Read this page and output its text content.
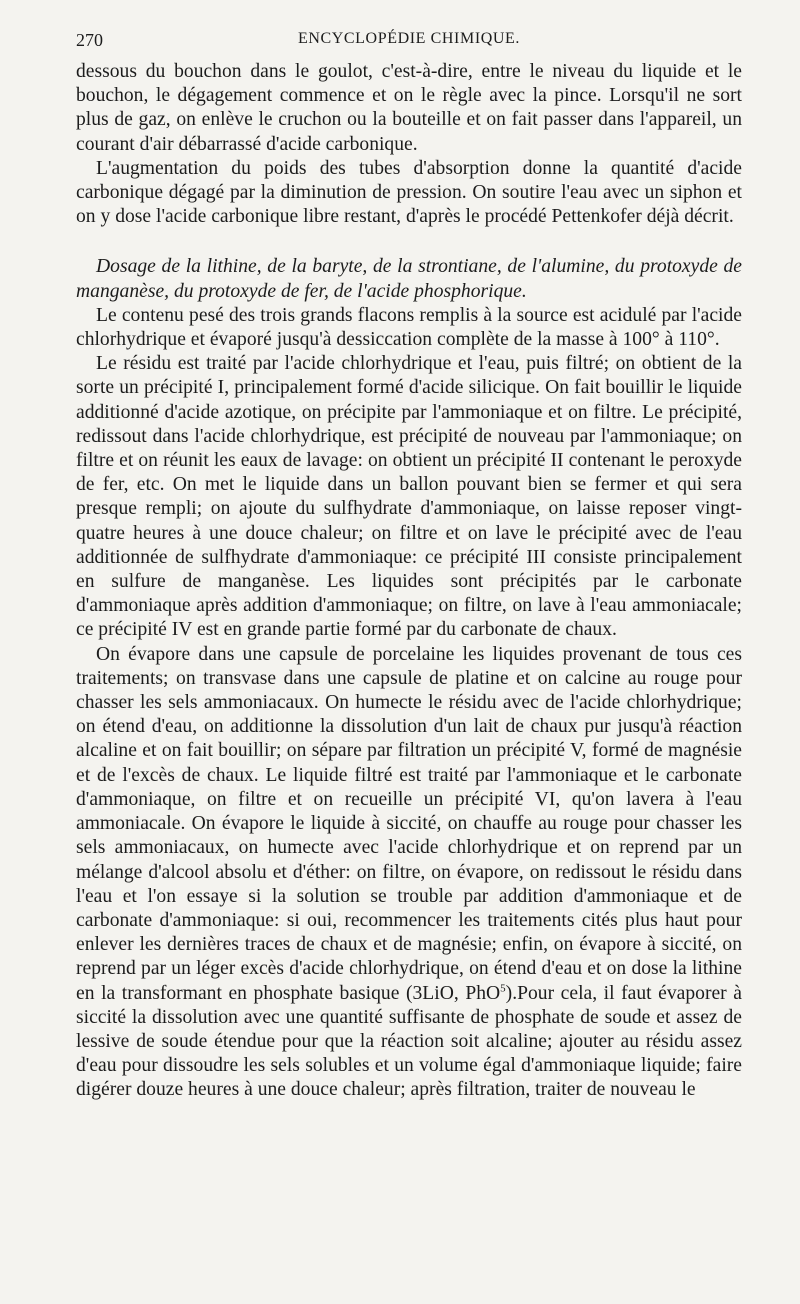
270	ENCYCLOPÉDIE CHIMIQUE.

dessous du bouchon dans le goulot, c'est-à-dire, entre le niveau du liquide et le bouchon, le dégagement commence et on le règle avec la pince. Lorsqu'il ne sort plus de gaz, on enlève le cruchon ou la bouteille et on fait passer dans l'appareil, un courant d'air débarrassé d'acide carbonique.

L'augmentation du poids des tubes d'absorption donne la quantité d'acide carbonique dégagé par la diminution de pression. On soutire l'eau avec un siphon et on y dose l'acide carbonique libre restant, d'après le procédé Pettenkofer déjà décrit.

Dosage de la lithine, de la baryte, de la strontiane, de l'alumine, du protoxyde de manganèse, du protoxyde de fer, de l'acide phosphorique.

Le contenu pesé des trois grands flacons remplis à la source est acidulé par l'acide chlorhydrique et évaporé jusqu'à dessiccation complète de la masse à 100° à 110°.

Le résidu est traité par l'acide chlorhydrique et l'eau, puis filtré; on obtient de la sorte un précipité I, principalement formé d'acide silicique. On fait bouillir le liquide additionné d'acide azotique, on précipite par l'ammoniaque et on filtre. Le précipité, redissout dans l'acide chlorhydrique, est précipité de nouveau par l'ammoniaque; on filtre et on réunit les eaux de lavage: on obtient un précipité II contenant le peroxyde de fer, etc. On met le liquide dans un ballon pouvant bien se fermer et qui sera presque rempli; on ajoute du sulfhydrate d'ammoniaque, on laisse reposer vingt-quatre heures à une douce chaleur; on filtre et on lave le précipité avec de l'eau additionnée de sulfhydrate d'ammoniaque: ce précipité III consiste principalement en sulfure de manganèse. Les liquides sont précipités par le carbonate d'ammoniaque après addition d'ammoniaque; on filtre, on lave à l'eau ammoniacale; ce précipité IV est en grande partie formé par du carbonate de chaux.

On évapore dans une capsule de porcelaine les liquides provenant de tous ces traitements; on transvase dans une capsule de platine et on calcine au rouge pour chasser les sels ammoniacaux. On humecte le résidu avec de l'acide chlorhydrique; on étend d'eau, on additionne la dissolution d'un lait de chaux pur jusqu'à réaction alcaline et on fait bouillir; on sépare par filtration un précipité V, formé de magnésie et de l'excès de chaux. Le liquide filtré est traité par l'ammoniaque et le carbonate d'ammoniaque, on filtre et on recueille un précipité VI, qu'on lavera à l'eau ammoniacale. On évapore le liquide à siccité, on chauffe au rouge pour chasser les sels ammoniacaux, on humecte avec l'acide chlorhydrique et on reprend par un mélange d'alcool absolu et d'éther: on filtre, on évapore, on redissout le résidu dans l'eau et l'on essaye si la solution se trouble par addition d'ammoniaque et de carbonate d'ammoniaque: si oui, recommencer les traitements cités plus haut pour enlever les dernières traces de chaux et de magnésie; enfin, on évapore à siccité, on reprend par un léger excès d'acide chlorhydrique, on étend d'eau et on dose la lithine en la transformant en phosphate basique (3LiO, PhO$^5$).Pour cela, il faut évaporer à siccité la dissolution avec une quantité suffisante de phosphate de soude et assez de lessive de soude étendue pour que la réaction soit alcaline; ajouter au résidu assez d'eau pour dissoudre les sels solubles et un volume égal d'ammoniaque liquide; faire digérer douze heures à une douce chaleur; après filtration, traiter de nouveau le
